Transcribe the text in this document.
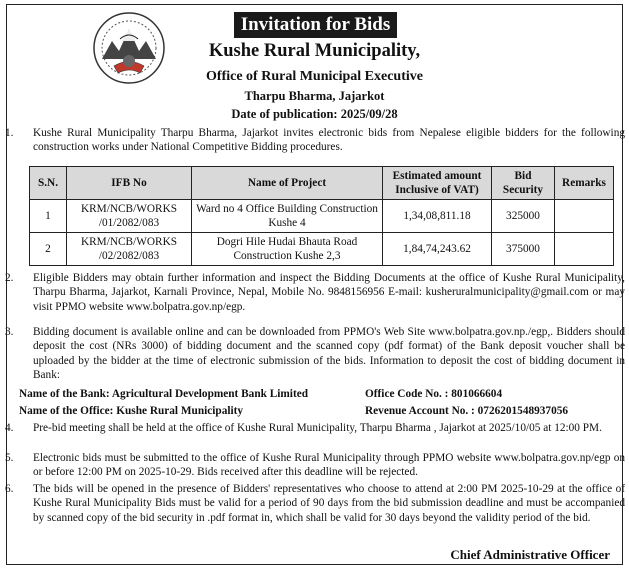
Invitation for Bids
Kushe Rural Municipality,
Office of Rural Municipal Executive
Tharpu Bharma, Jajarkot
Date of publication: 2025/09/28
1. Kushe Rural Municipality Tharpu Bharma, Jajarkot invites electronic bids from Nepalese eligible bidders for the following construction works under National Competitive Bidding procedures.
S.N.	IFB No	Name of Project	Estimated amount Inclusive of VAT)	Bid Security	Remarks
1	KRM/NCB/WORKS /01/2082/083	Ward no 4 Office Building Construction Kushe 4	1,34,08,811.18	325000	
2	KRM/NCB/WORKS /02/2082/083	Dogri Hile Hudai Bhauta Road Construction Kushe 2,3	1,84,74,243.62	375000	
2. Eligible Bidders may obtain further information and inspect the Bidding Documents at the office of Kushe Rural Municipality, Tharpu Bharma, Jajarkot, Karnali Province, Nepal, Mobile No. 9848156956 E-mail: kusheruralmunicipality@gmail.com or may visit PPMO website www.bolpatra.gov.np/egp.
3. Bidding document is available online and can be downloaded from PPMO's Web Site www.bolpatra.gov.np./egp,. Bidders should deposit the cost (NRs 3000) of bidding document and the scanned copy (pdf format) of the Bank deposit voucher shall be uploaded by the bidder at the time of electronic submission of the bids. Information to deposit the cost of bidding document in Bank:
Name of the Bank: Agricultural Development Bank Limited	Office Code No. : 801066604
Name of the Office: Kushe Rural Municipality	Revenue Account No. : 0726201548937056
4. Pre-bid meeting shall be held at the office of Kushe Rural Municipality, Tharpu Bharma , Jajarkot at 2025/10/05 at 12:00 PM.
5. Electronic bids must be submitted to the office of Kushe Rural Municipality through PPMO website www.bolpatra.gov.np/egp on or before 12:00 PM on 2025-10-29. Bids received after this deadline will be rejected.
6. The bids will be opened in the presence of Bidders' representatives who choose to attend at 2:00 PM 2025-10-29 at the office of Kushe Rural Municipality Bids must be valid for a period of 90 days from the bid submission deadline and must be accompanied by scanned copy of the bid security in .pdf format in, which shall be valid for 30 days beyond the validity period of the bid.
Chief Administrative Officer
